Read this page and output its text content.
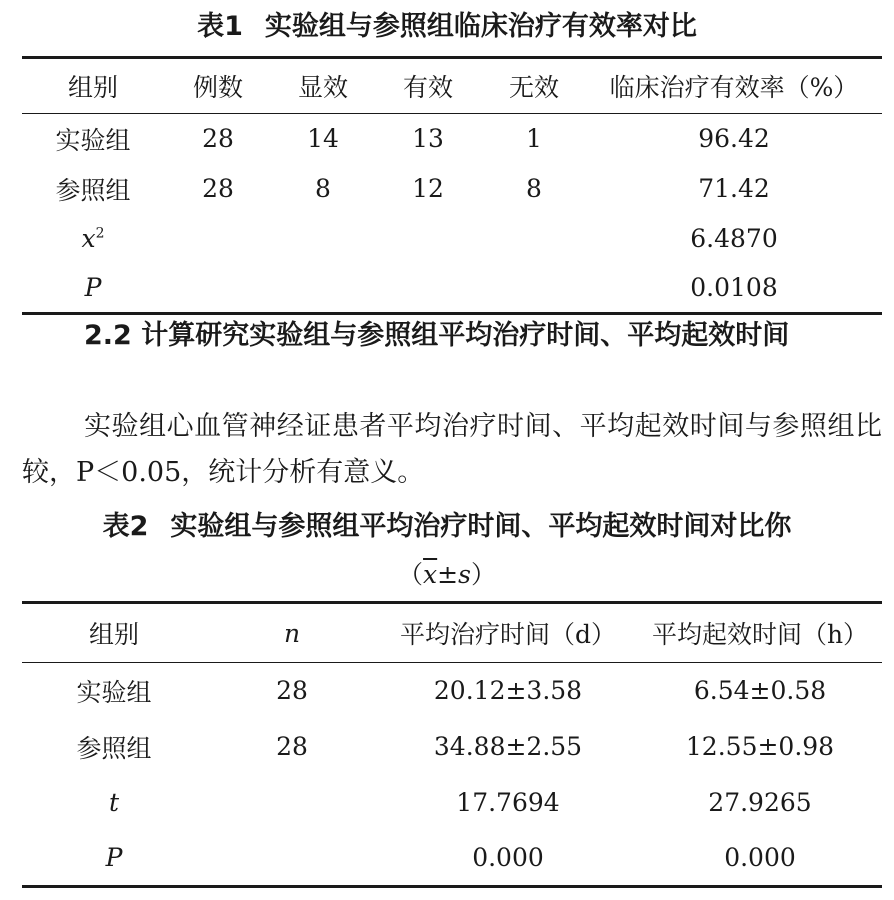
表1 实验组与参照组临床治疗有效率对比
组别	例数	显效	有效	无效	临床治疗有效率（%）
实验组	28	14	13	1	96.42
参照组	28	8	12	8	71.42
$x^2$					6.4870
P					0.0108
2.2 计算研究实验组与参照组平均治疗时间、平均起效时间
实验组心血管神经证患者平均治疗时间、平均起效时间与参照组比较，P＜0.05，统计分析有意义。
表2 实验组与参照组平均治疗时间、平均起效时间对比你
$(\overline{x}\pm s)$
组别	n	平均治疗时间（d）	平均起效时间（h）
实验组	28	20.12±3.58	6.54±0.58
参照组	28	34.88±2.55	12.55±0.98
t		17.7694	27.9265
P		0.000	0.000
